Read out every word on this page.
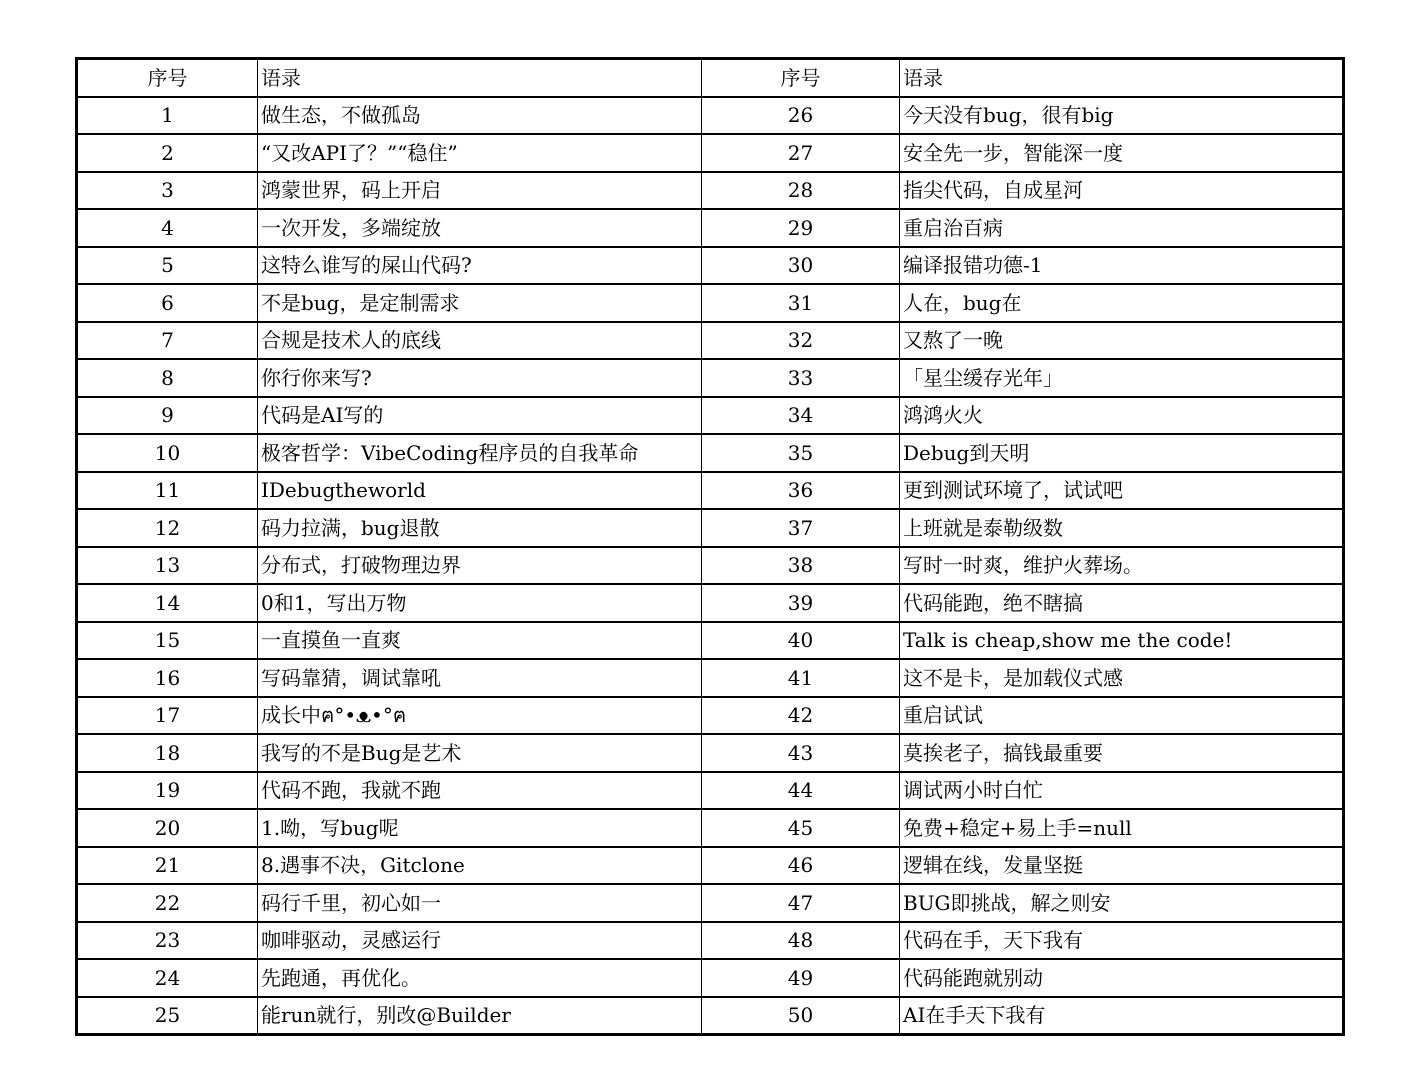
序号	语录	序号	语录
1	做生态，不做孤岛	26	今天没有bug，很有big
2	“又改API了？”“稳住”	27	安全先一步，智能深一度
3	鸿蒙世界，码上开启	28	指尖代码，自成星河
4	一次开发，多端绽放	29	重启治百病
5	这特么谁写的屎山代码?	30	编译报错功德-1
6	不是bug，是定制需求	31	人在，bug在
7	合规是技术人的底线	32	又熬了一晚
8	你行你来写?	33	「星尘缓存光年」
9	代码是AI写的	34	鸿鸿火火
10	极客哲学：VibeCoding程序员的自我革命	35	Debug到天明
11	IDebugtheworld	36	更到测试环境了，试试吧
12	码力拉满，bug退散	37	上班就是泰勒级数
13	分布式，打破物理边界	38	写时一时爽，维护火葬场。
14	0和1，写出万物	39	代码能跑，绝不瞎搞
15	一直摸鱼一直爽	40	Talk is cheap,show me the code!
16	写码靠猜，调试靠吼	41	这不是卡，是加载仪式感
17	成长中ฅ°•ᴥ•°ฅ	42	重启试试
18	我写的不是Bug是艺术	43	莫挨老子，搞钱最重要
19	代码不跑，我就不跑	44	调试两小时白忙
20	1.呦，写bug呢	45	免费+稳定+易上手=null
21	8.遇事不决，Gitclone	46	逻辑在线，发量坚挺
22	码行千里，初心如一	47	BUG即挑战，解之则安
23	咖啡驱动，灵感运行	48	代码在手，天下我有
24	先跑通，再优化。	49	代码能跑就别动
25	能run就行，别改@Builder	50	AI在手天下我有
